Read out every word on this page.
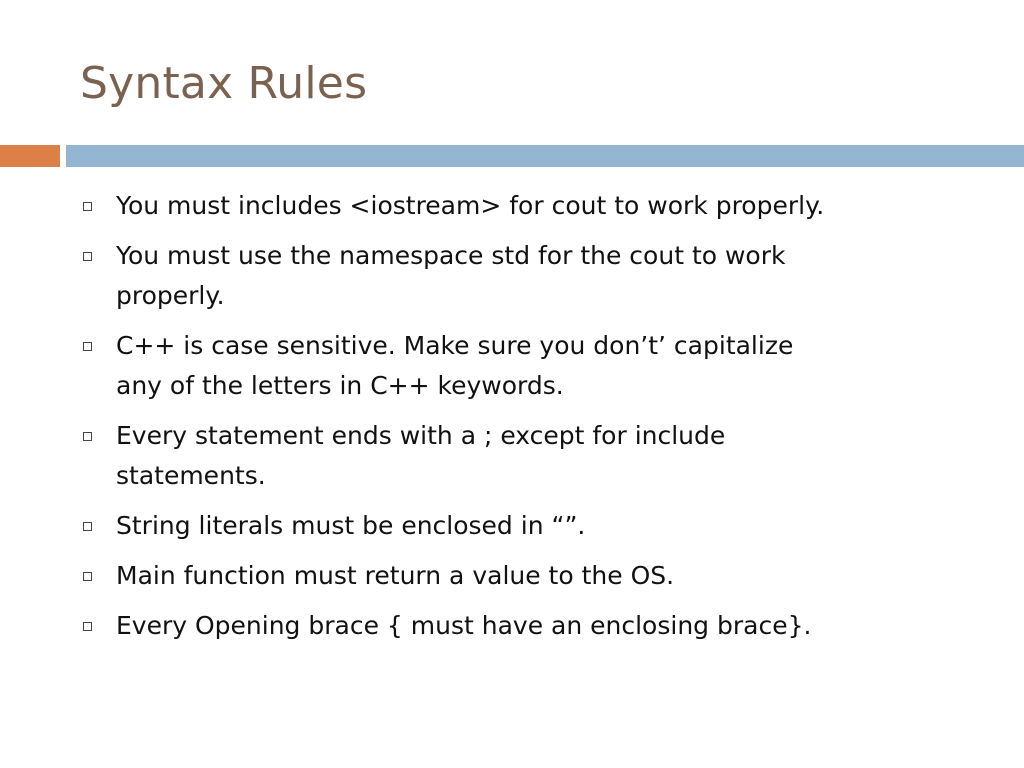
Syntax Rules
You must includes <iostream> for cout to work properly.
You must use the namespace std for the cout to work
properly.
C++ is case sensitive. Make sure you don’t’ capitalize
any of the letters in C++ keywords.
Every statement ends with a ; except for include
statements.
String literals must be enclosed in “”.
Main function must return a value to the OS.
Every Opening brace { must have an enclosing brace}.
